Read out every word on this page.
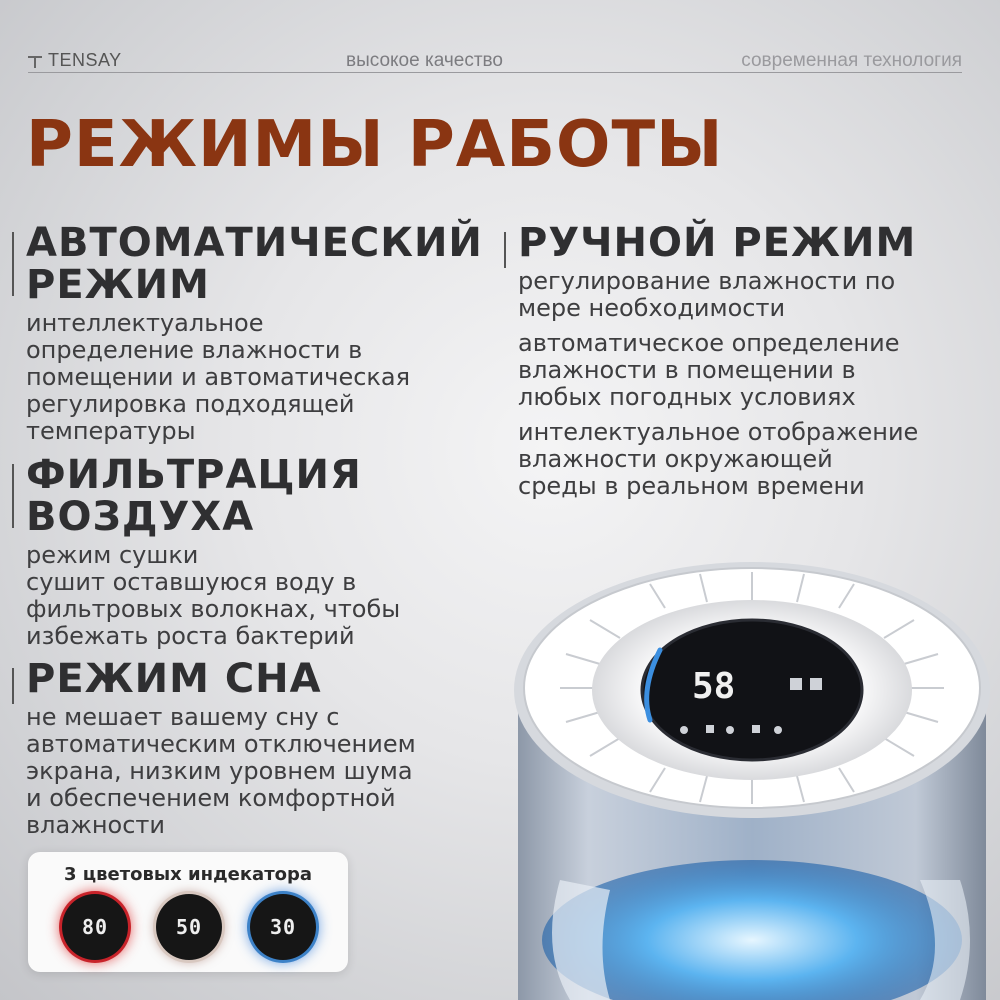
TENSAY	высокое качество	современная технология
РЕЖИМЫ РАБОТЫ
АВТОМАТИЧЕСКИЙ
РЕЖИМ

интеллектуальное
определение влажности в
помещении и автоматическая
регулировка подходящей
температуры

ФИЛЬТРАЦИЯ
ВОЗДУХА

режим сушки
сушит оставшуюся воду в
фильтровых волокнах, чтобы
избежать роста бактерий

РЕЖИМ СНА

не мешает вашему сну с
автоматическим отключением
экрана, низким уровнем шума
и обеспечением комфортной
влажности

РУЧНОЙ РЕЖИМ

регулирование влажности по
мере необходимости

автоматическое определение
влажности в помещении в
любых погодных условиях

интелектуальное отображение
влажности окружающей
среды в реальном времени

3 цветовых индекатора
80	50	30
58
